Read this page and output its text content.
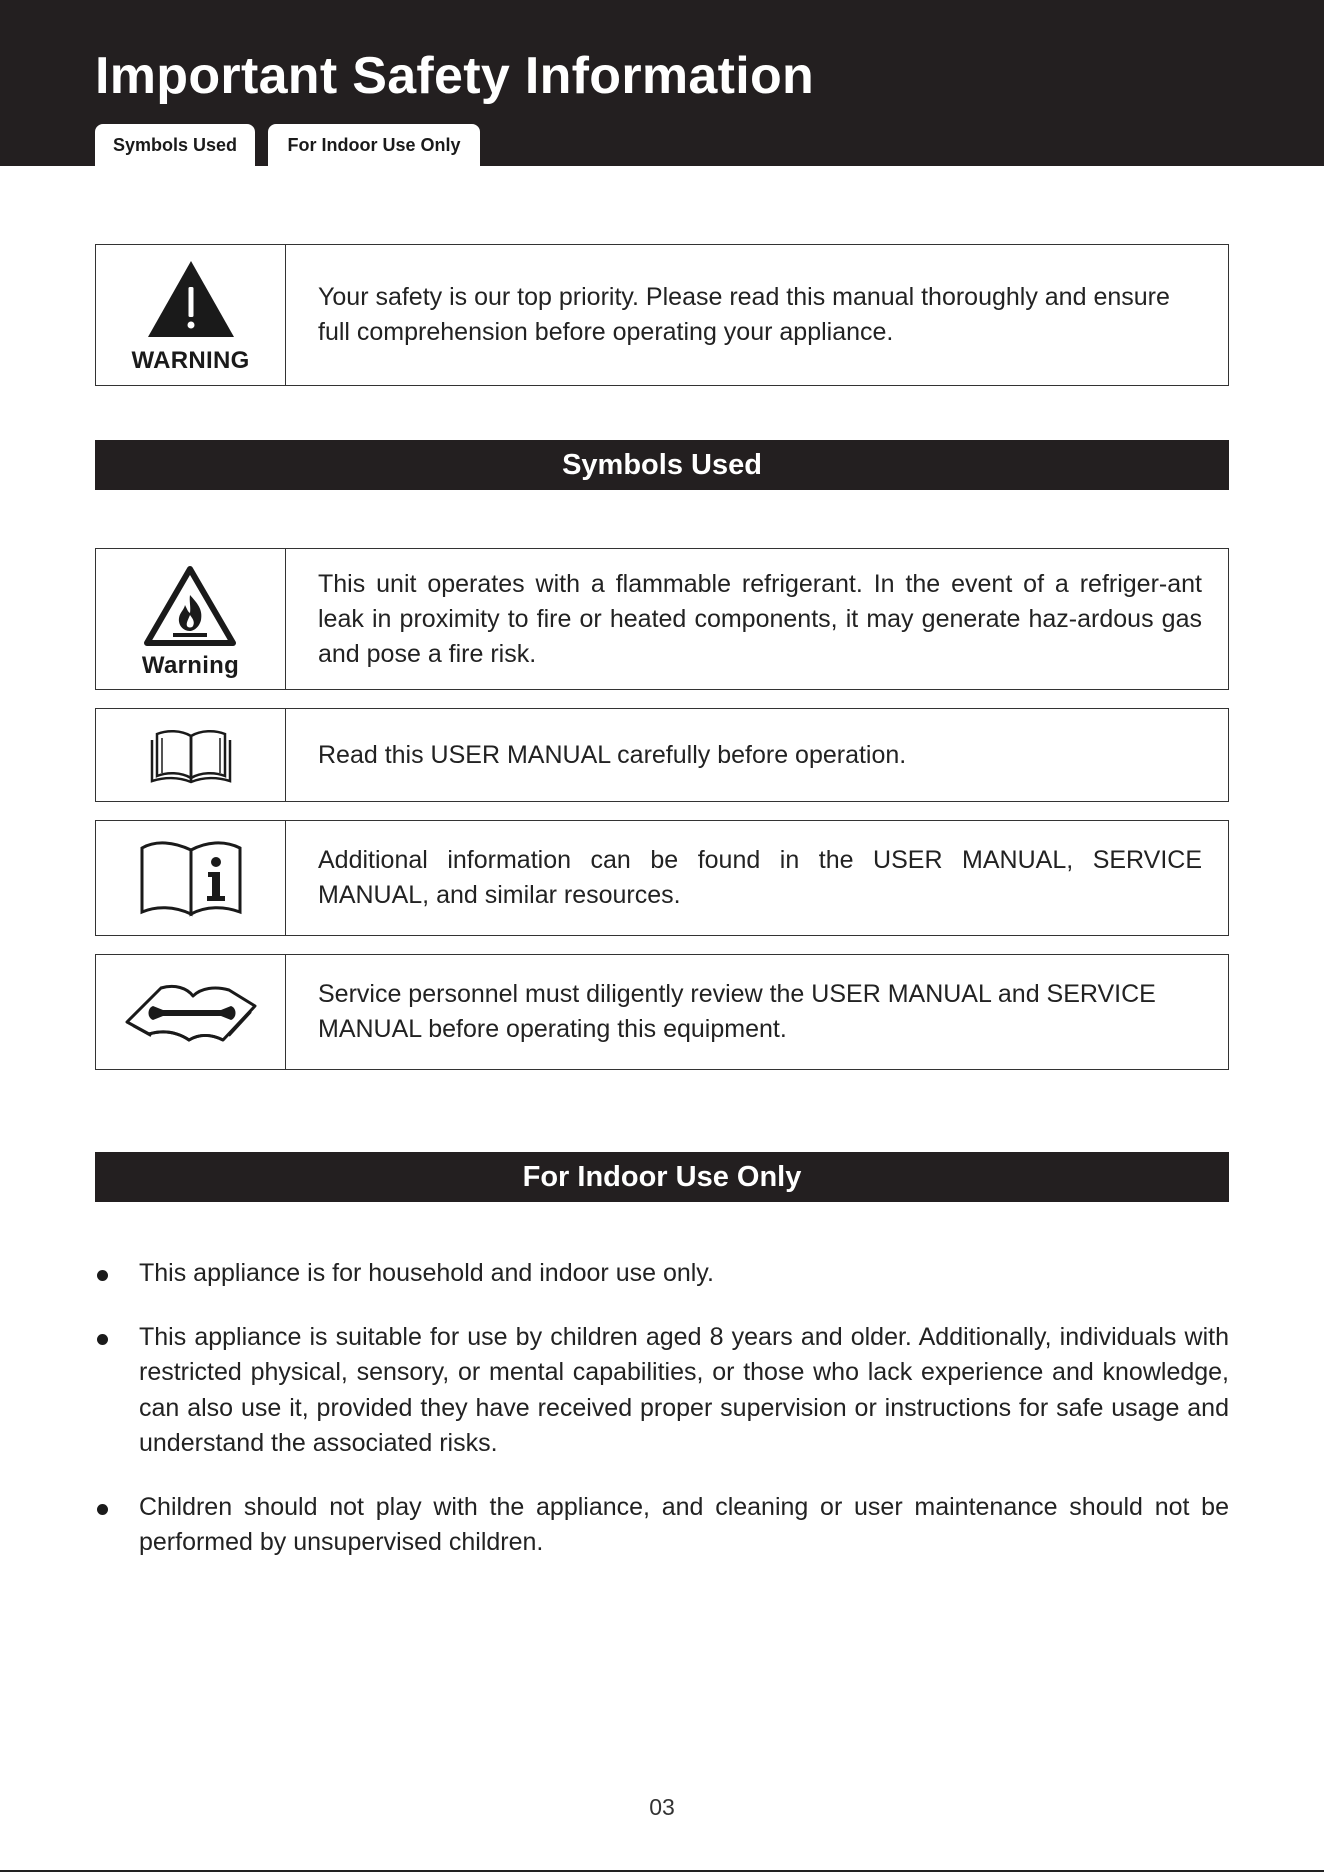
Important Safety Information
Symbols Used	For Indoor Use Only
WARNING
Your safety is our top priority. Please read this manual thoroughly and ensure full comprehension before operating your appliance.
Symbols Used
Warning
This unit operates with a flammable refrigerant. In the event of a refriger-ant leak in proximity to fire or heated components, it may generate haz-ardous gas and pose a fire risk.
Read this USER MANUAL carefully before operation.
Additional information can be found in the USER MANUAL, SERVICE MANUAL, and similar resources.
Service personnel must diligently review the USER MANUAL and SERVICE MANUAL before operating this equipment.
For Indoor Use Only
This appliance is for household and indoor use only.
This appliance is suitable for use by children aged 8 years and older. Additionally, individuals with restricted physical, sensory, or mental capabilities, or those who lack experience and knowledge, can also use it, provided they have received proper supervision or instructions for safe usage and understand the associated risks.
Children should not play with the appliance, and cleaning or user maintenance should not be performed by unsupervised children.
03
